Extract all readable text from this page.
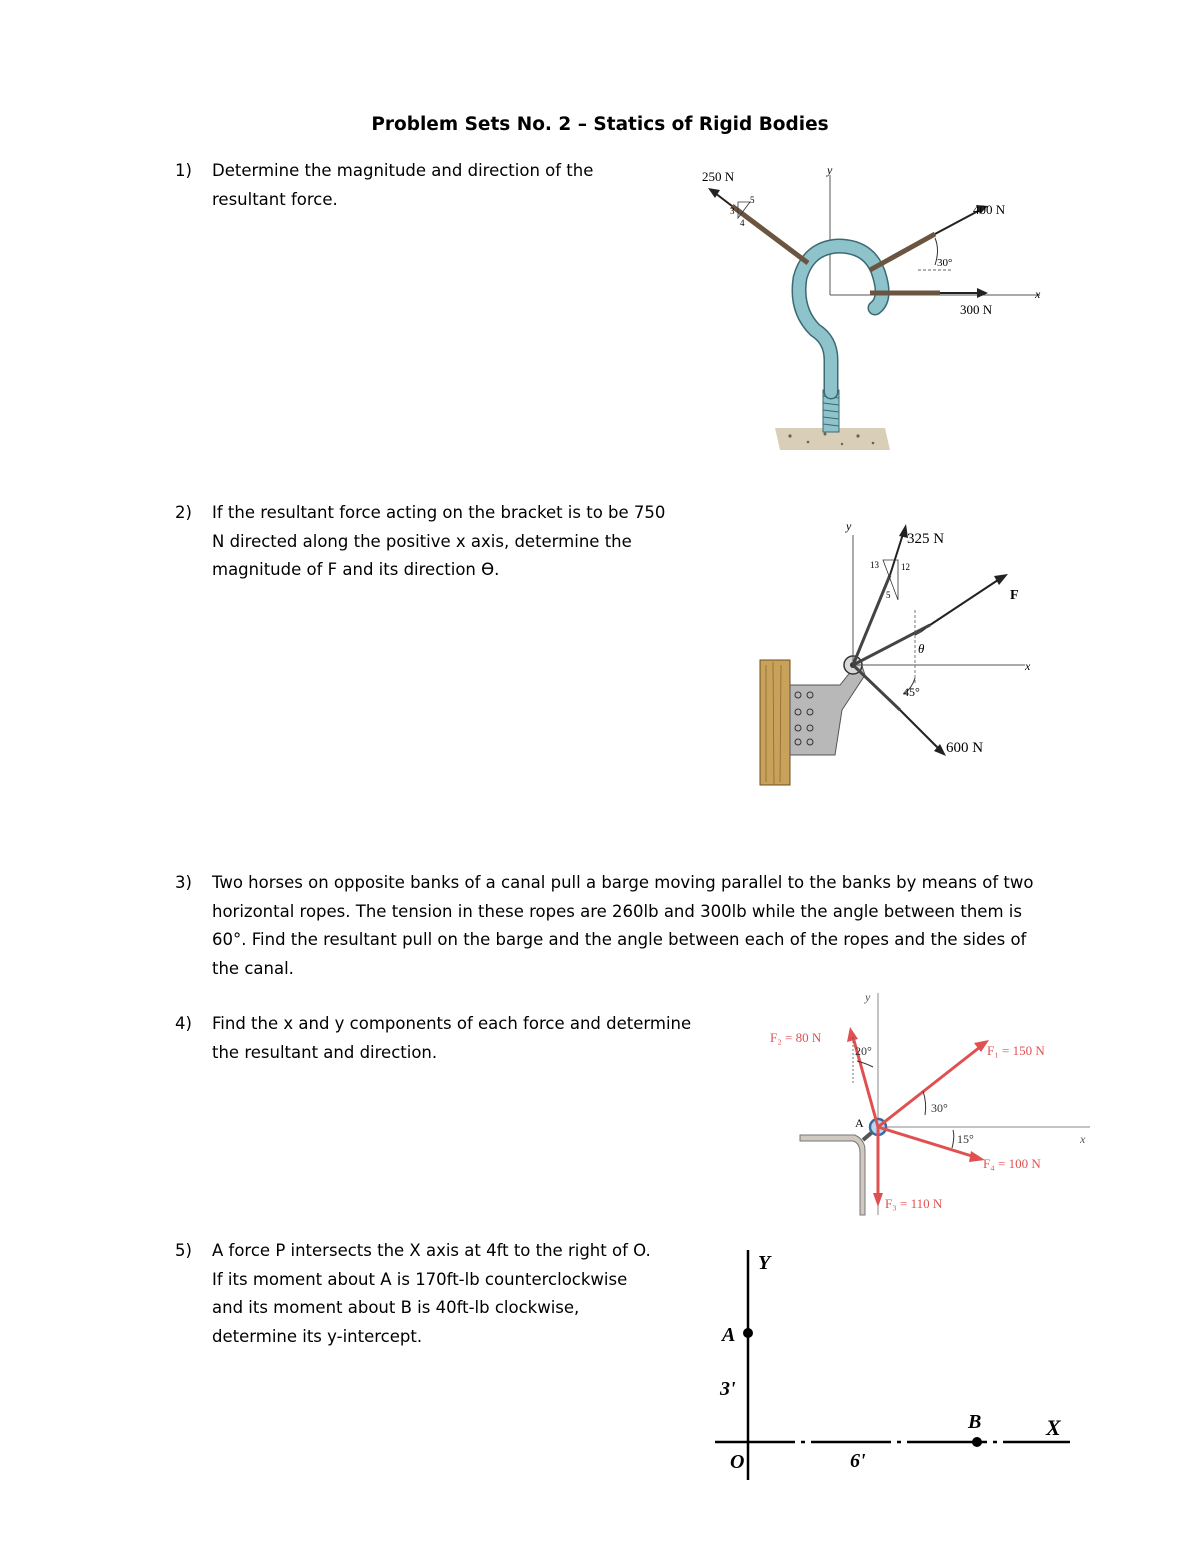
Problem Sets No. 2 – Statics of Rigid Bodies
1) Determine the magnitude and direction of the
resultant force.
y
x
30°
3
4
5
250 N
400 N
300 N
2) If the resultant force acting on the bracket is to be 750
N directed along the positive x axis, determine the
magnitude of F and its direction ϴ.
y
x
θ
45°
13 12
5
325 N
F
600 N
3) Two horses on opposite banks of a canal pull a barge moving parallel to the banks by means of two
horizontal ropes. The tension in these ropes are 260lb and 300lb while the angle between them is
60°. Find the resultant pull on the barge and the angle between each of the ropes and the sides of
the canal.
4) Find the x and y components of each force and determine
the resultant and direction.
y
x
A
20°
30°
15°
F₂ = 80 N
F₁ = 150 N
F₃ = 110 N
F₄ = 100 N
5) A force P intersects the X axis at 4ft to the right of O.
If its moment about A is 170ft-lb counterclockwise
and its moment about B is 40ft-lb clockwise,
determine its y-intercept.
Y
X
A
B
O
3'
6'
